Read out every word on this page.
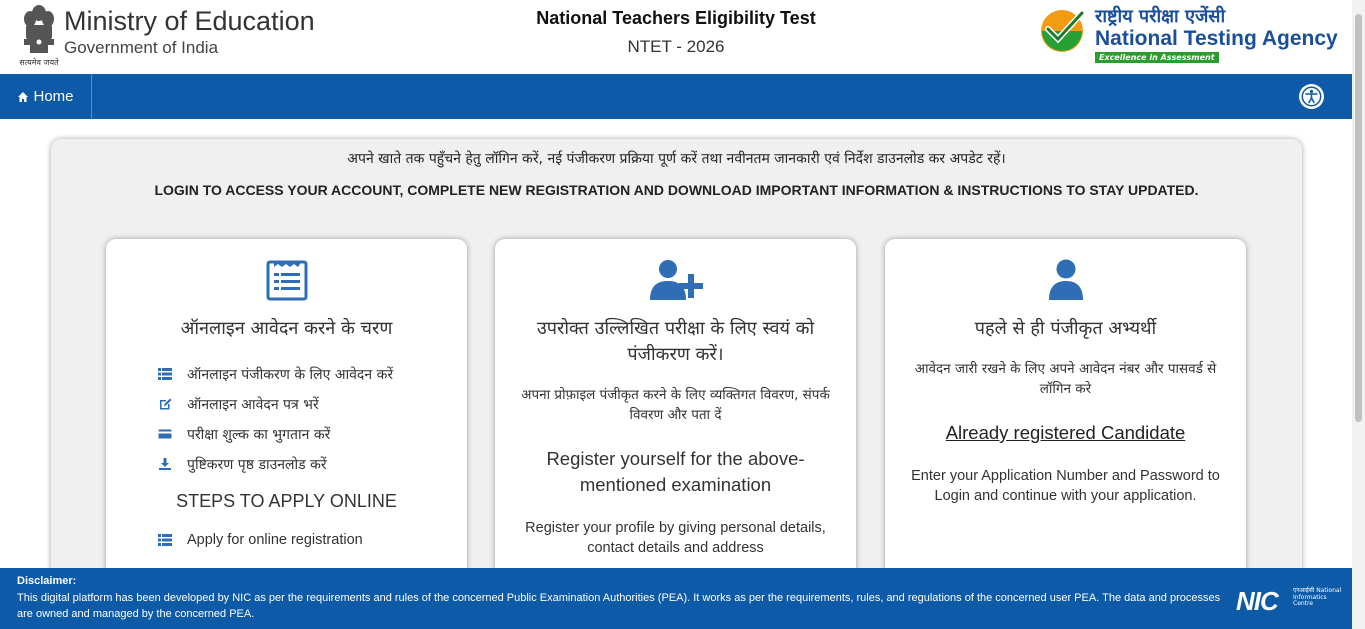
सत्यमेव जयते
Ministry of Education
Government of India
National Teachers Eligibility Test
NTET - 2026
राष्ट्रीय परीक्षा एजेंसी
National Testing Agency
Excellence in Assessment
Home
अपने खाते तक पहुँचने हेतु लॉगिन करें, नई पंजीकरण प्रक्रिया पूर्ण करें तथा नवीनतम जानकारी एवं निर्देश डाउनलोड कर अपडेट रहें।
LOGIN TO ACCESS YOUR ACCOUNT, COMPLETE NEW REGISTRATION AND DOWNLOAD IMPORTANT INFORMATION & INSTRUCTIONS TO STAY UPDATED.
ऑनलाइन आवेदन करने के चरण
ऑनलाइन पंजीकरण के लिए आवेदन करें
ऑनलाइन आवेदन पत्र भरें
परीक्षा शुल्क का भुगतान करें
पुष्टिकरण पृष्ठ डाउनलोड करें
STEPS TO APPLY ONLINE
Apply for online registration
उपरोक्त उल्लिखित परीक्षा के लिए स्वयं को पंजीकरण करें।
अपना प्रोफ़ाइल पंजीकृत करने के लिए व्यक्तिगत विवरण, संपर्क विवरण और पता दें
Register yourself for the above-mentioned examination
Register your profile by giving personal details, contact details and address
पहले से ही पंजीकृत अभ्यर्थी
आवेदन जारी रखने के लिए अपने आवेदन नंबर और पासवर्ड से लॉगिन करे
Already registered Candidate
Enter your Application Number and Password to Login and continue with your application.
Disclaimer:
This digital platform has been developed by NIC as per the requirements and rules of the concerned Public Examination Authorities (PEA). It works as per the requirements, rules, and regulations of the concerned user PEA. The data and processes are owned and managed by the concerned PEA.	NIC	एनआईसी National Informatics Centre
